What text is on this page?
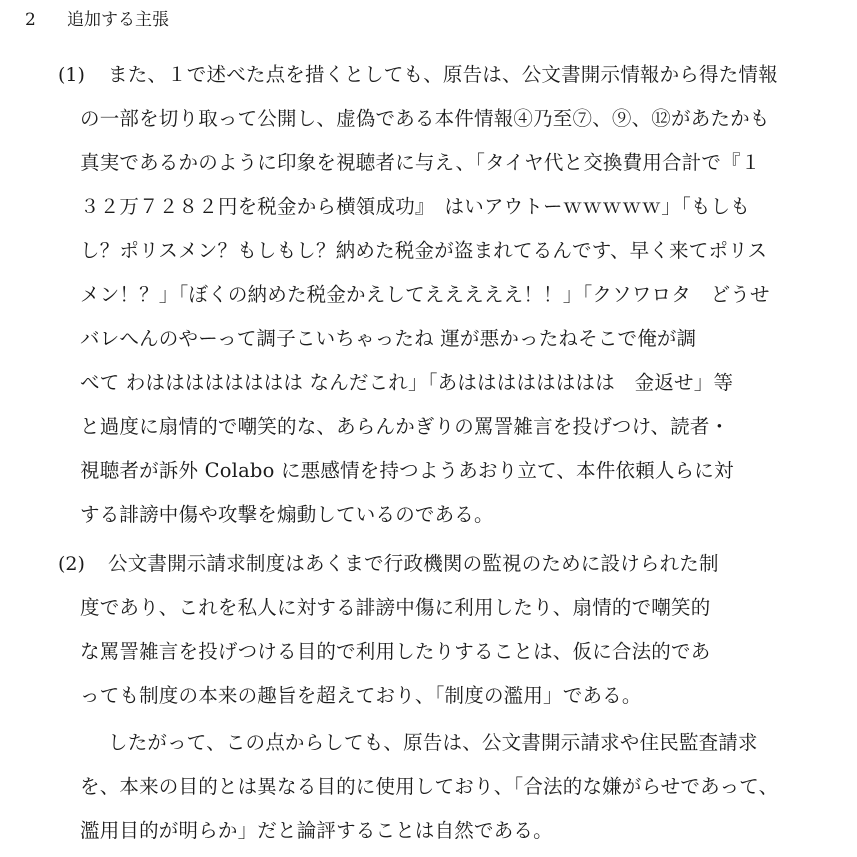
2 追加する主張
(1) また、１で述べた点を措くとしても、原告は、公文書開示情報から得た情報
の一部を切り取って公開し、虚偽である本件情報④乃至⑦、⑨、⑫があたかも
真実であるかのように印象を視聴者に与え、「タイヤ代と交換費用合計で『１
３２万７２８２円を税金から横領成功』　はいアウトーｗｗｗｗｗ」「もしも
し？ポリスメン？もしもし？納めた税金が盗まれてるんです、早く来てポリス
メン！？」「ぼくの納めた税金かえしてえええええ！！」「クソワロタ　どうせ
バレへんのやーって調子こいちゃったね 運が悪かったねそこで俺が調
べて わはははははははは なんだこれ」「あはははははははは　金返せ」等
と過度に扇情的で嘲笑的な、あらんかぎりの罵詈雑言を投げつけ、読者・
視聴者が訴外 Colabo に悪感情を持つようあおり立て、本件依頼人らに対
する誹謗中傷や攻撃を煽動しているのである。
(2) 公文書開示請求制度はあくまで行政機関の監視のために設けられた制
度であり、これを私人に対する誹謗中傷に利用したり、扇情的で嘲笑的
な罵詈雑言を投げつける目的で利用したりすることは、仮に合法的であ
っても制度の本来の趣旨を超えており、「制度の濫用」である。
したがって、この点からしても、原告は、公文書開示請求や住民監査請求
を、本来の目的とは異なる目的に使用しており、「合法的な嫌がらせであって、
濫用目的が明らか」だと論評することは自然である。
